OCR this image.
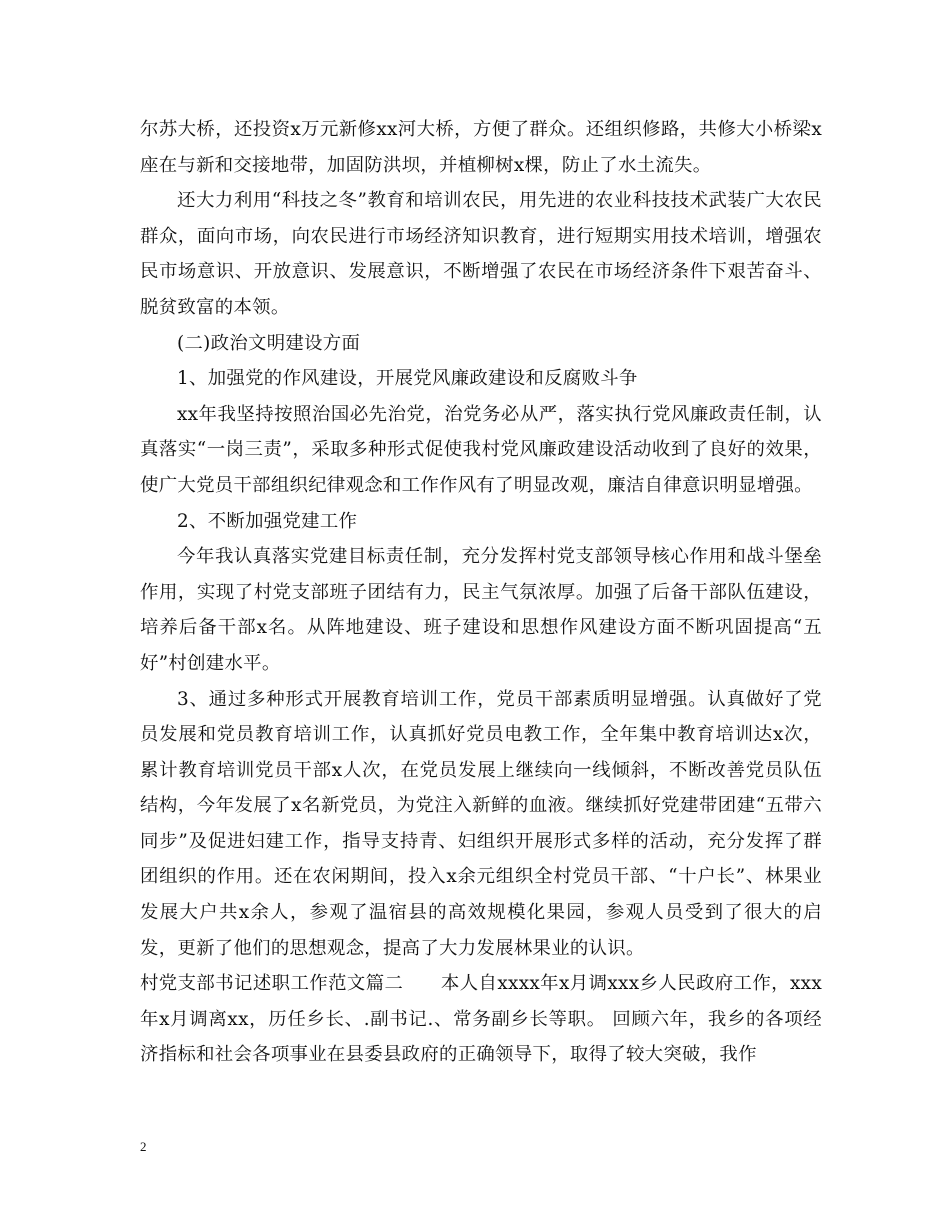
尔苏大桥，还投资x万元新修xx河大桥，方便了群众。还组织修路，共修大小桥梁x座在与新和交接地带，加固防洪坝，并植柳树x棵，防止了水土流失。

还大力利用“科技之冬”教育和培训农民，用先进的农业科技技术武装广大农民群众，面向市场，向农民进行市场经济知识教育，进行短期实用技术培训，增强农民市场意识、开放意识、发展意识，不断增强了农民在市场经济条件下艰苦奋斗、脱贫致富的本领。

(二)政治文明建设方面

1、加强党的作风建设，开展党风廉政建设和反腐败斗争

xx年我坚持按照治国必先治党，治党务必从严，落实执行党风廉政责任制，认真落实“一岗三责”，采取多种形式促使我村党风廉政建设活动收到了良好的效果，使广大党员干部组织纪律观念和工作作风有了明显改观，廉洁自律意识明显增强。

2、不断加强党建工作

今年我认真落实党建目标责任制，充分发挥村党支部领导核心作用和战斗堡垒作用，实现了村党支部班子团结有力，民主气氛浓厚。加强了后备干部队伍建设，培养后备干部x名。从阵地建设、班子建设和思想作风建设方面不断巩固提高“五好”村创建水平。

3、通过多种形式开展教育培训工作，党员干部素质明显增强。认真做好了党员发展和党员教育培训工作，认真抓好党员电教工作，全年集中教育培训达x次，累计教育培训党员干部x人次，在党员发展上继续向一线倾斜，不断改善党员队伍结构，今年发展了x名新党员，为党注入新鲜的血液。继续抓好党建带团建“五带六同步”及促进妇建工作，指导支持青、妇组织开展形式多样的活动，充分发挥了群团组织的作用。还在农闲期间，投入x余元组织全村党员干部、“十户长”、林果业发展大户共x余人，参观了温宿县的高效规模化果园，参观人员受到了很大的启发，更新了他们的思想观念，提高了大力发展林果业的认识。

村党支部书记述职工作范文篇二　　本人自xxxx年x月调xxx乡人民政府工作，xxx年x月调离xx，历任乡长、.副书记.、常务副乡长等职。 回顾六年，我乡的各项经济指标和社会各项事业在县委县政府的正确领导下，取得了较大突破，我作

2
